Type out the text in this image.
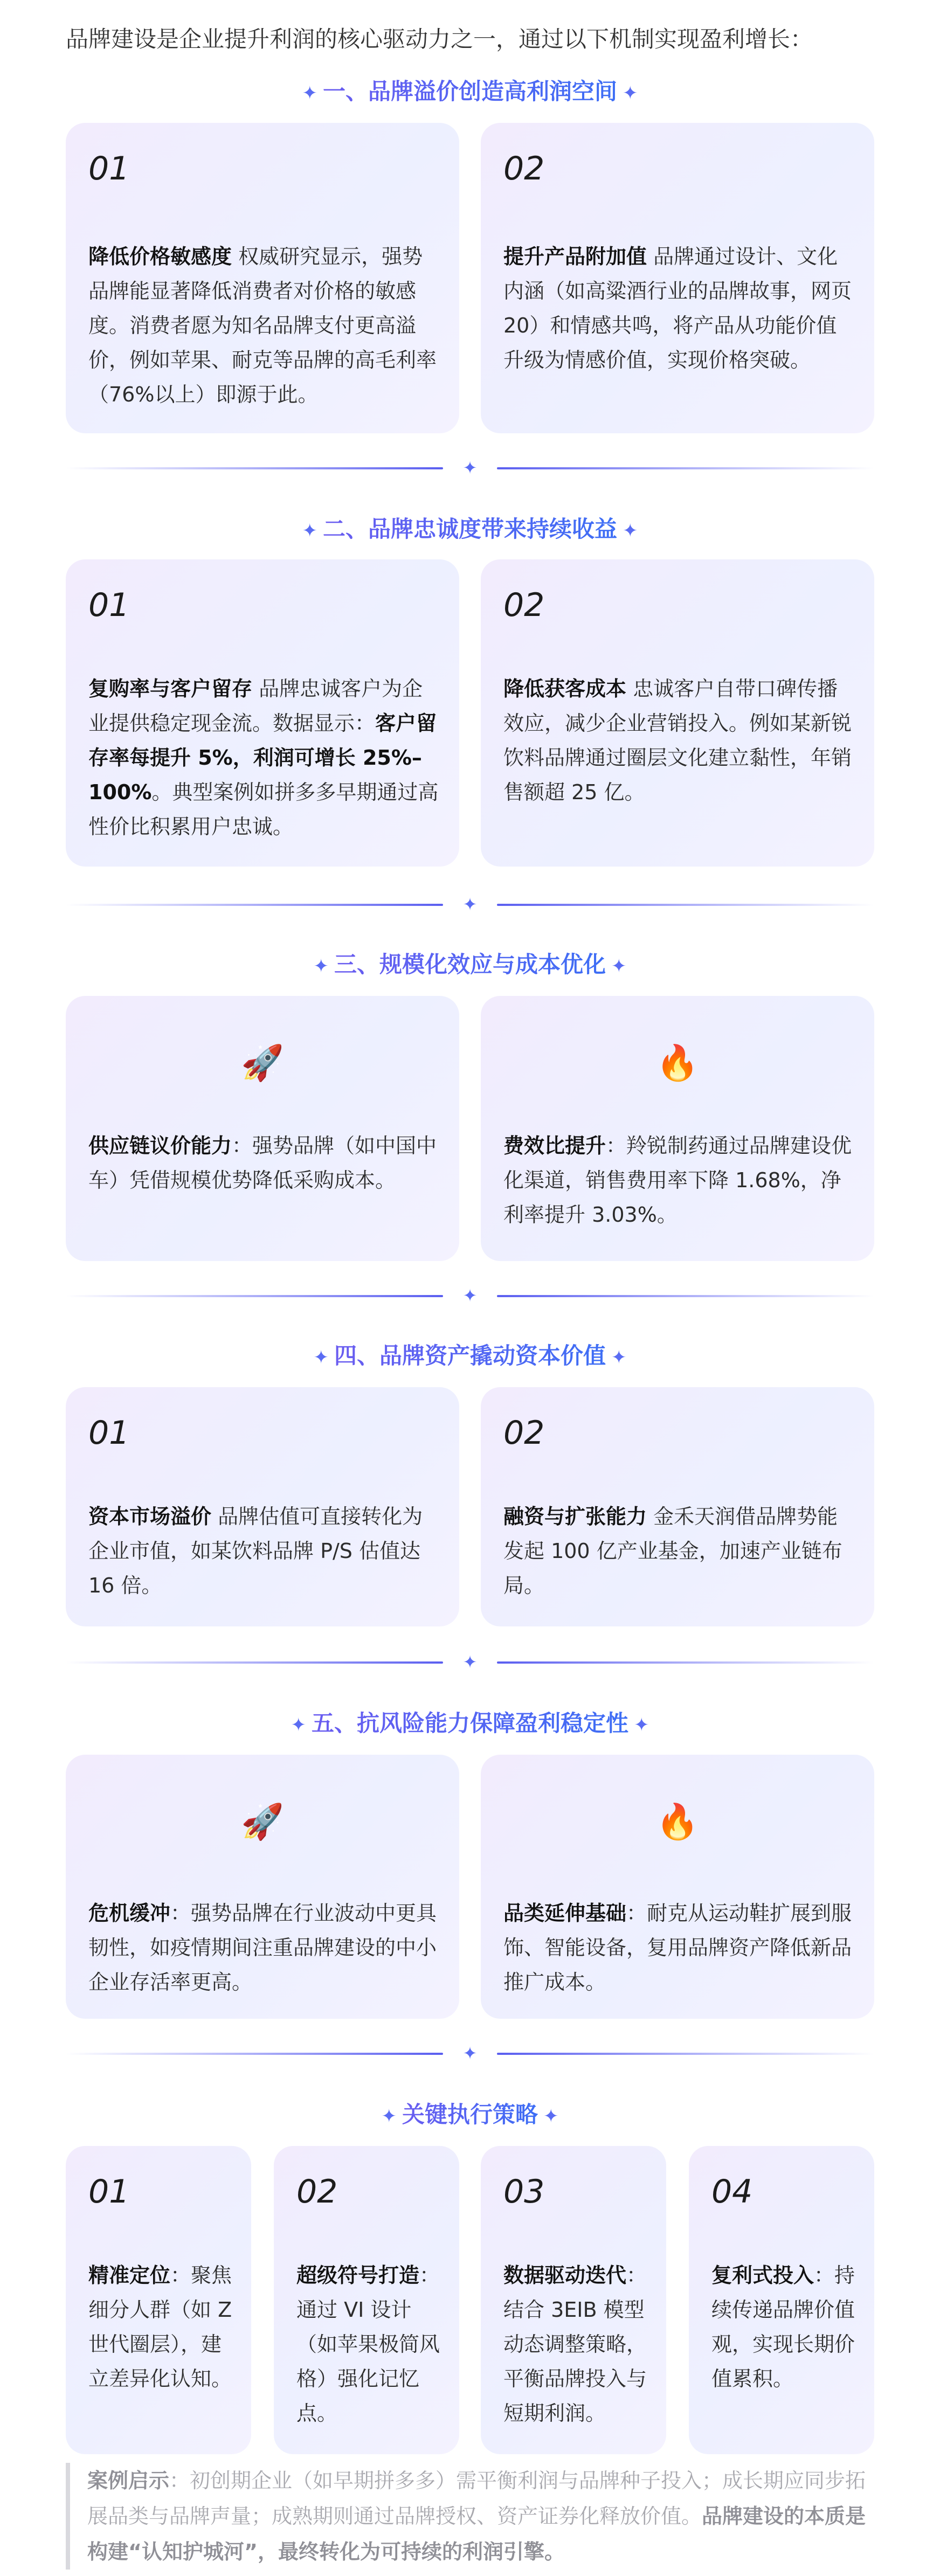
品牌建设是企业提升利润的核心驱动力之一，通过以下机制实现盈利增长：
✦ 一、品牌溢价创造高利润空间 ✦
01
降低价格敏感度 权威研究显示，强势品牌能显著降低消费者对价格的敏感度。消费者愿为知名品牌支付更高溢价，例如苹果、耐克等品牌的高毛利率（76%以上）即源于此。
02
提升产品附加值 品牌通过设计、文化内涵（如高粱酒行业的品牌故事，网页20）和情感共鸣，将产品从功能价值升级为情感价值，实现价格突破。
✦
✦ 二、品牌忠诚度带来持续收益 ✦
01
复购率与客户留存 品牌忠诚客户为企业提供稳定现金流。数据显示：客户留存率每提升 5%，利润可增长 25%–100%。典型案例如拼多多早期通过高性价比积累用户忠诚。
02
降低获客成本 忠诚客户自带口碑传播效应，减少企业营销投入。例如某新锐饮料品牌通过圈层文化建立黏性，年销售额超 25 亿。
✦
✦ 三、规模化效应与成本优化 ✦
🚀
供应链议价能力：强势品牌（如中国中车）凭借规模优势降低采购成本。
🔥
费效比提升：羚锐制药通过品牌建设优化渠道，销售费用率下降 1.68%，净利率提升 3.03%。
✦
✦ 四、品牌资产撬动资本价值 ✦
01
资本市场溢价 品牌估值可直接转化为企业市值，如某饮料品牌 P/S 估值达 16 倍。
02
融资与扩张能力 金禾天润借品牌势能发起 100 亿产业基金，加速产业链布局。
✦
✦ 五、抗风险能力保障盈利稳定性 ✦
🚀
危机缓冲：强势品牌在行业波动中更具韧性，如疫情期间注重品牌建设的中小企业存活率更高。
🔥
品类延伸基础：耐克从运动鞋扩展到服饰、智能设备，复用品牌资产降低新品推广成本。
✦
✦ 关键执行策略 ✦
01
精准定位：聚焦细分人群（如 Z 世代圈层），建立差异化认知。
02
超级符号打造：通过 VI 设计（如苹果极简风格）强化记忆点。
03
数据驱动迭代：结合 3EIB 模型动态调整策略，平衡品牌投入与短期利润。
04
复利式投入：持续传递品牌价值观，实现长期价值累积。
案例启示：初创期企业（如早期拼多多）需平衡利润与品牌种子投入；成长期应同步拓展品类与品牌声量；成熟期则通过品牌授权、资产证券化释放价值。品牌建设的本质是构建“认知护城河”，最终转化为可持续的利润引擎。
